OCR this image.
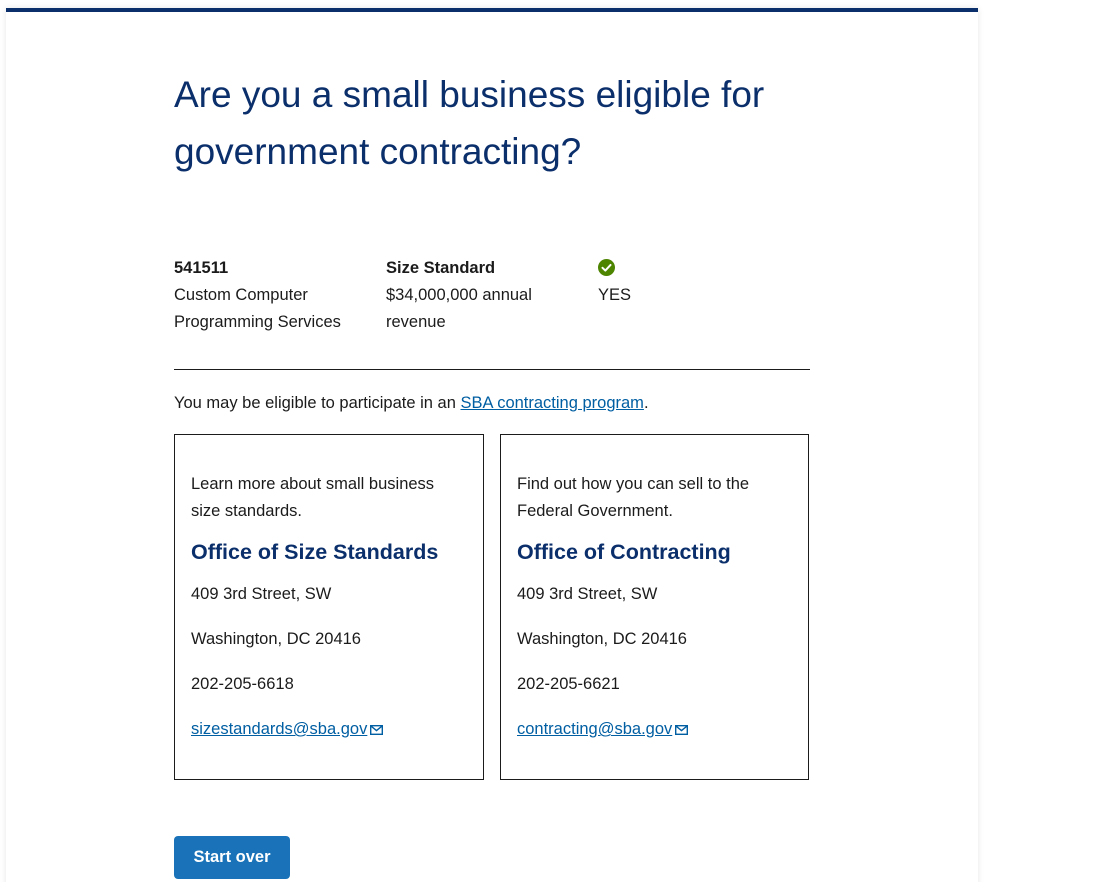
Are you a small business eligible for government contracting?
541511
Custom Computer Programming Services
Size Standard
$34,000,000 annual revenue
YES

You may be eligible to participate in an SBA contracting program.

Learn more about small business size standards.
Office of Size Standards
409 3rd Street, SW
Washington, DC 20416
202-205-6618
sizestandards@sba.gov
Find out how you can sell to the Federal Government.
Office of Contracting
409 3rd Street, SW
Washington, DC 20416
202-205-6621
contracting@sba.gov
Start over
